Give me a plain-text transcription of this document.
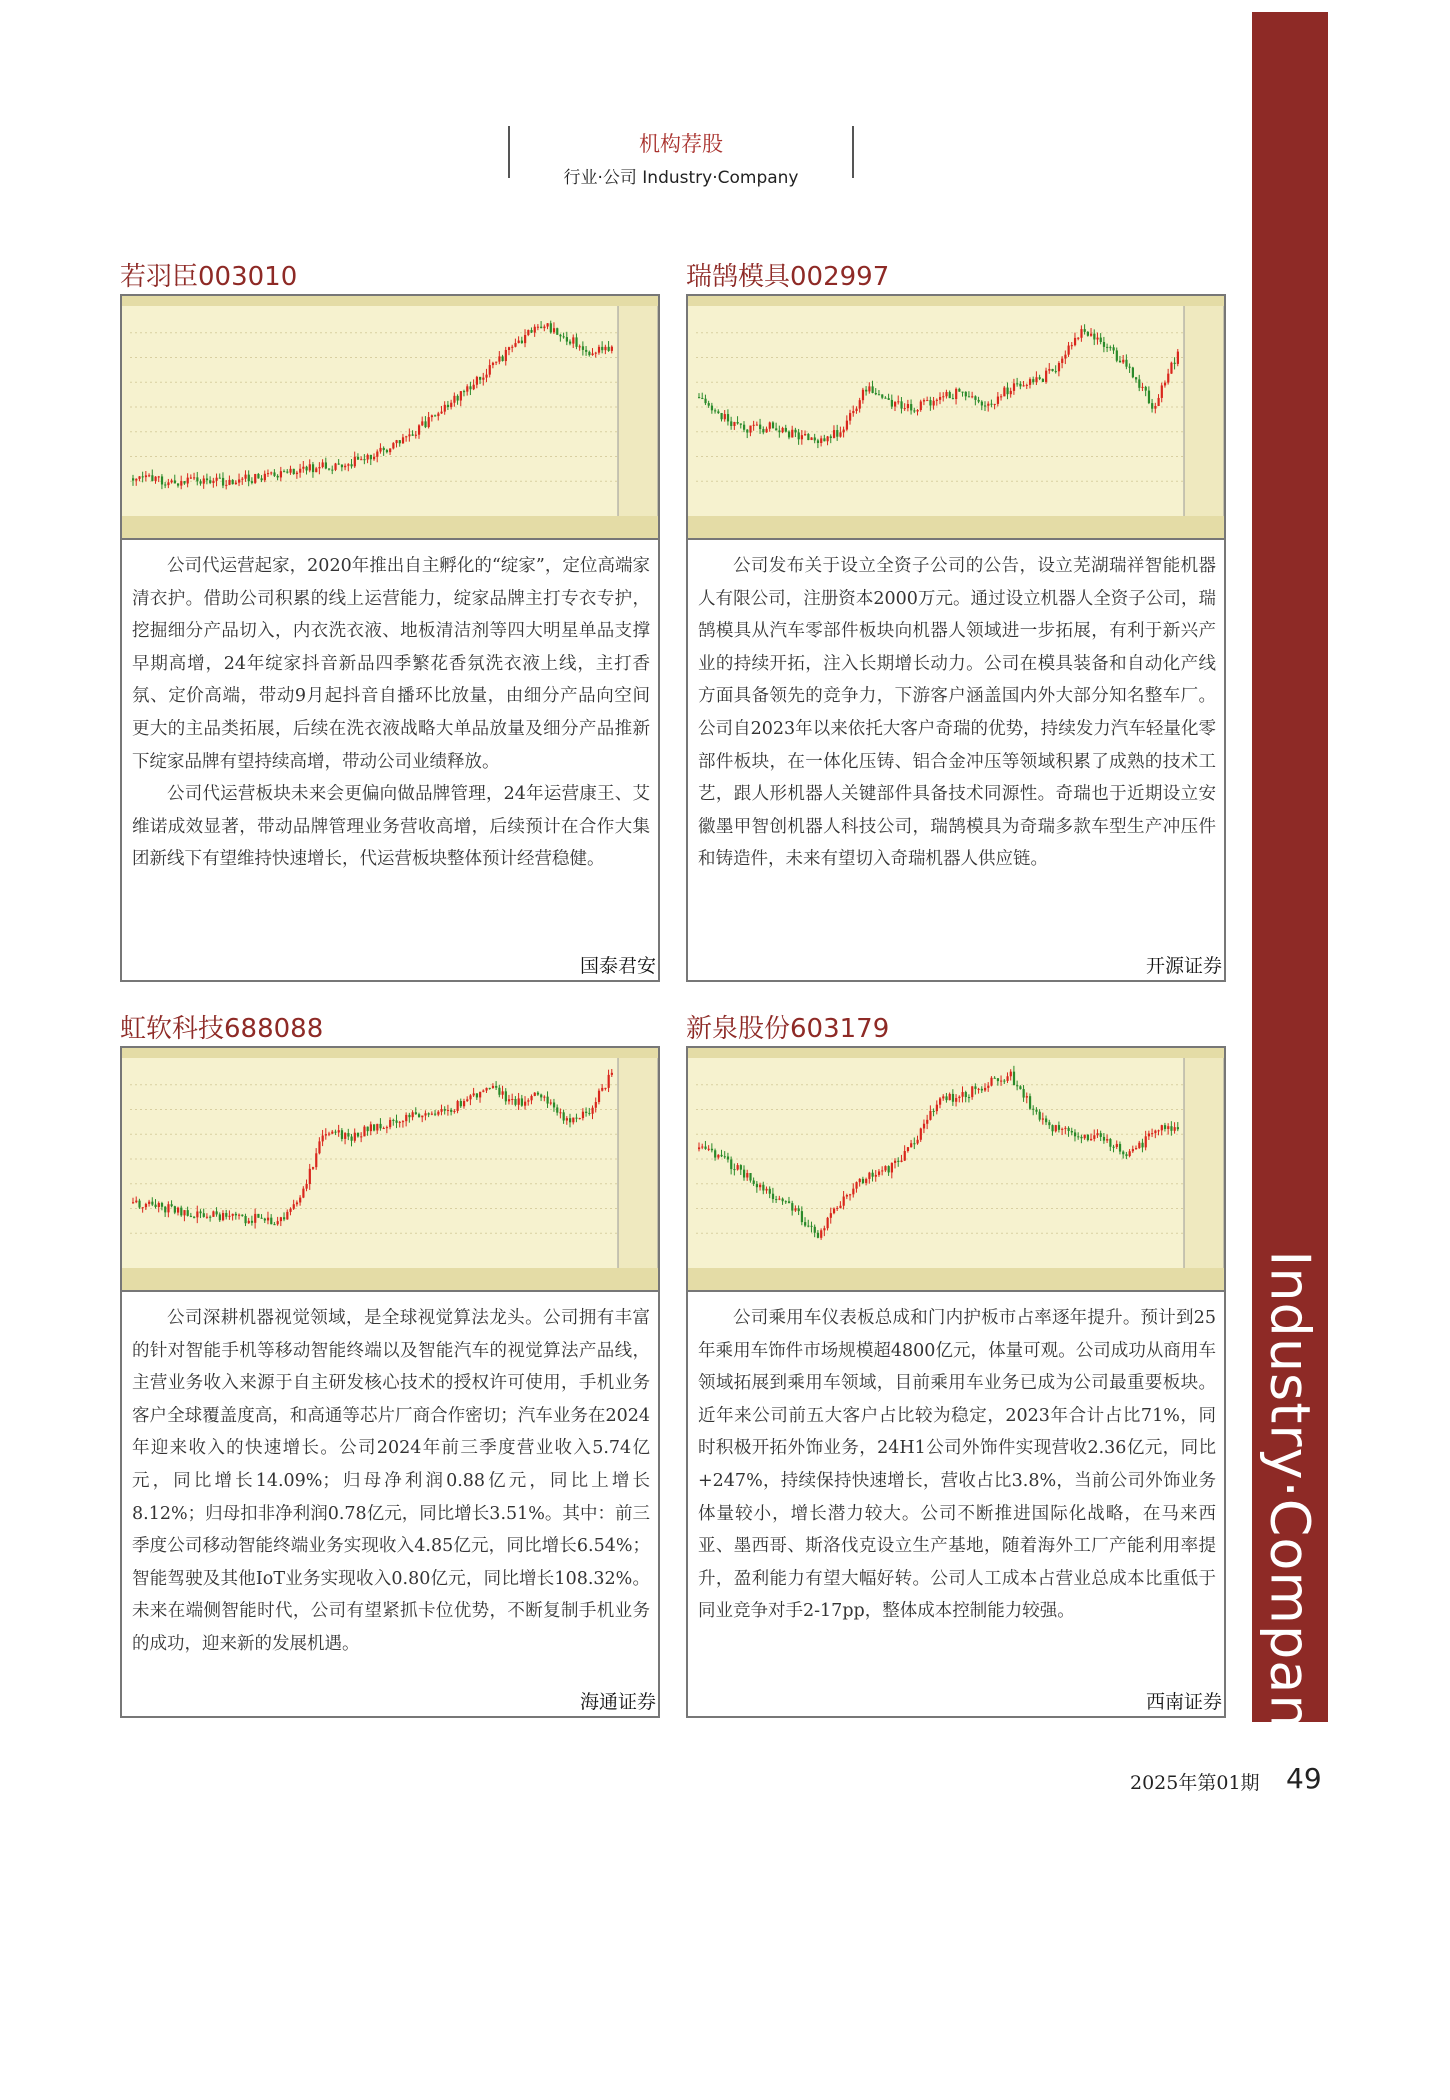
Industry·Company
机构荐股
行业·公司 Industry·Company
若羽臣003010

公司代运营起家，2020年推出自主孵化的“绽家”，定位高端家清衣护。借助公司积累的线上运营能力，绽家品牌主打专衣专护，挖掘细分产品切入，内衣洗衣液、地板清洁剂等四大明星单品支撑早期高增，24年绽家抖音新品四季繁花香氛洗衣液上线，主打香氛、定价高端，带动9月起抖音自播环比放量，由细分产品向空间更大的主品类拓展，后续在洗衣液战略大单品放量及细分产品推新下绽家品牌有望持续高增，带动公司业绩释放。

公司代运营板块未来会更偏向做品牌管理，24年运营康王、艾维诺成效显著，带动品牌管理业务营收高增，后续预计在合作大集团新线下有望维持快速增长，代运营板块整体预计经营稳健。

国泰君安
瑞鹄模具002997

公司发布关于设立全资子公司的公告，设立芜湖瑞祥智能机器人有限公司，注册资本2000万元。通过设立机器人全资子公司，瑞鹄模具从汽车零部件板块向机器人领域进一步拓展，有利于新兴产业的持续开拓，注入长期增长动力。公司在模具装备和自动化产线方面具备领先的竞争力，下游客户涵盖国内外大部分知名整车厂。公司自2023年以来依托大客户奇瑞的优势，持续发力汽车轻量化零部件板块，在一体化压铸、铝合金冲压等领域积累了成熟的技术工艺，跟人形机器人关键部件具备技术同源性。奇瑞也于近期设立安徽墨甲智创机器人科技公司，瑞鹄模具为奇瑞多款车型生产冲压件和铸造件，未来有望切入奇瑞机器人供应链。

开源证券
虹软科技688088

公司深耕机器视觉领域，是全球视觉算法龙头。公司拥有丰富的针对智能手机等移动智能终端以及智能汽车的视觉算法产品线，主营业务收入来源于自主研发核心技术的授权许可使用，手机业务客户全球覆盖度高，和高通等芯片厂商合作密切；汽车业务在2024年迎来收入的快速增长。公司2024年前三季度营业收入5.74亿元，同比增长14.09%；归母净利润0.88亿元，同比上增长8.12%；归母扣非净利润0.78亿元，同比增长3.51%。其中：前三季度公司移动智能终端业务实现收入4.85亿元，同比增长6.54%；智能驾驶及其他IoT业务实现收入0.80亿元，同比增长108.32%。未来在端侧智能时代，公司有望紧抓卡位优势，不断复制手机业务的成功，迎来新的发展机遇。

海通证券
新泉股份603179

公司乘用车仪表板总成和门内护板市占率逐年提升。预计到25年乘用车饰件市场规模超4800亿元，体量可观。公司成功从商用车领域拓展到乘用车领域，目前乘用车业务已成为公司最重要板块。近年来公司前五大客户占比较为稳定，2023年合计占比71%，同时积极开拓外饰业务，24H1公司外饰件实现营收2.36亿元，同比+247%，持续保持快速增长，营收占比3.8%，当前公司外饰业务体量较小，增长潜力较大。公司不断推进国际化战略，在马来西亚、墨西哥、斯洛伐克设立生产基地，随着海外工厂产能利用率提升，盈利能力有望大幅好转。公司人工成本占营业总成本比重低于同业竞争对手2-17pp，整体成本控制能力较强。

西南证券
2025年第01期 49
